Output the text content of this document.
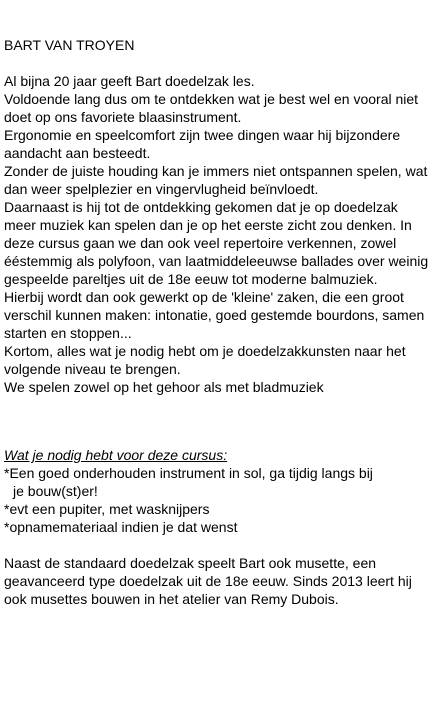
BART VAN TROYEN

Al bijna 20 jaar geeft Bart doedelzak les.

Voldoende lang dus om te ontdekken wat je best wel en vooral niet doet op ons favoriete blaasinstrument.

Ergonomie en speelcomfort zijn twee dingen waar hij bijzondere aandacht aan besteedt.

Zonder de juiste houding kan je immers niet ontspannen spelen, wat dan weer spelplezier en vingervlugheid beïnvloedt.

Daarnaast is hij tot de ontdekking gekomen dat je op doedelzak meer muziek kan spelen dan je op het eerste zicht zou denken. In deze cursus gaan we dan ook veel repertoire verkennen, zowel ééstemmig als polyfoon, van laatmiddeleeuwse ballades over weinig gespeelde pareltjes uit de 18e eeuw tot moderne balmuziek.

Hierbij wordt dan ook gewerkt op de 'kleine' zaken, die een groot verschil kunnen maken: intonatie, goed gestemde bourdons, samen starten en stoppen...

Kortom, alles wat je nodig hebt om je doedelzakkunsten naar het volgende niveau te brengen.

We spelen zowel op het gehoor als met bladmuziek

Wat je nodig hebt voor deze cursus:

*Een goed onderhouden instrument in sol, ga tijdig langs bij

je bouw(st)er!

*evt een pupiter, met wasknijpers

*opnamemateriaal indien je dat wenst

Naast de standaard doedelzak speelt Bart ook musette, een geavanceerd type doedelzak uit de 18e eeuw. Sinds 2013 leert hij ook musettes bouwen in het atelier van Remy Dubois.
